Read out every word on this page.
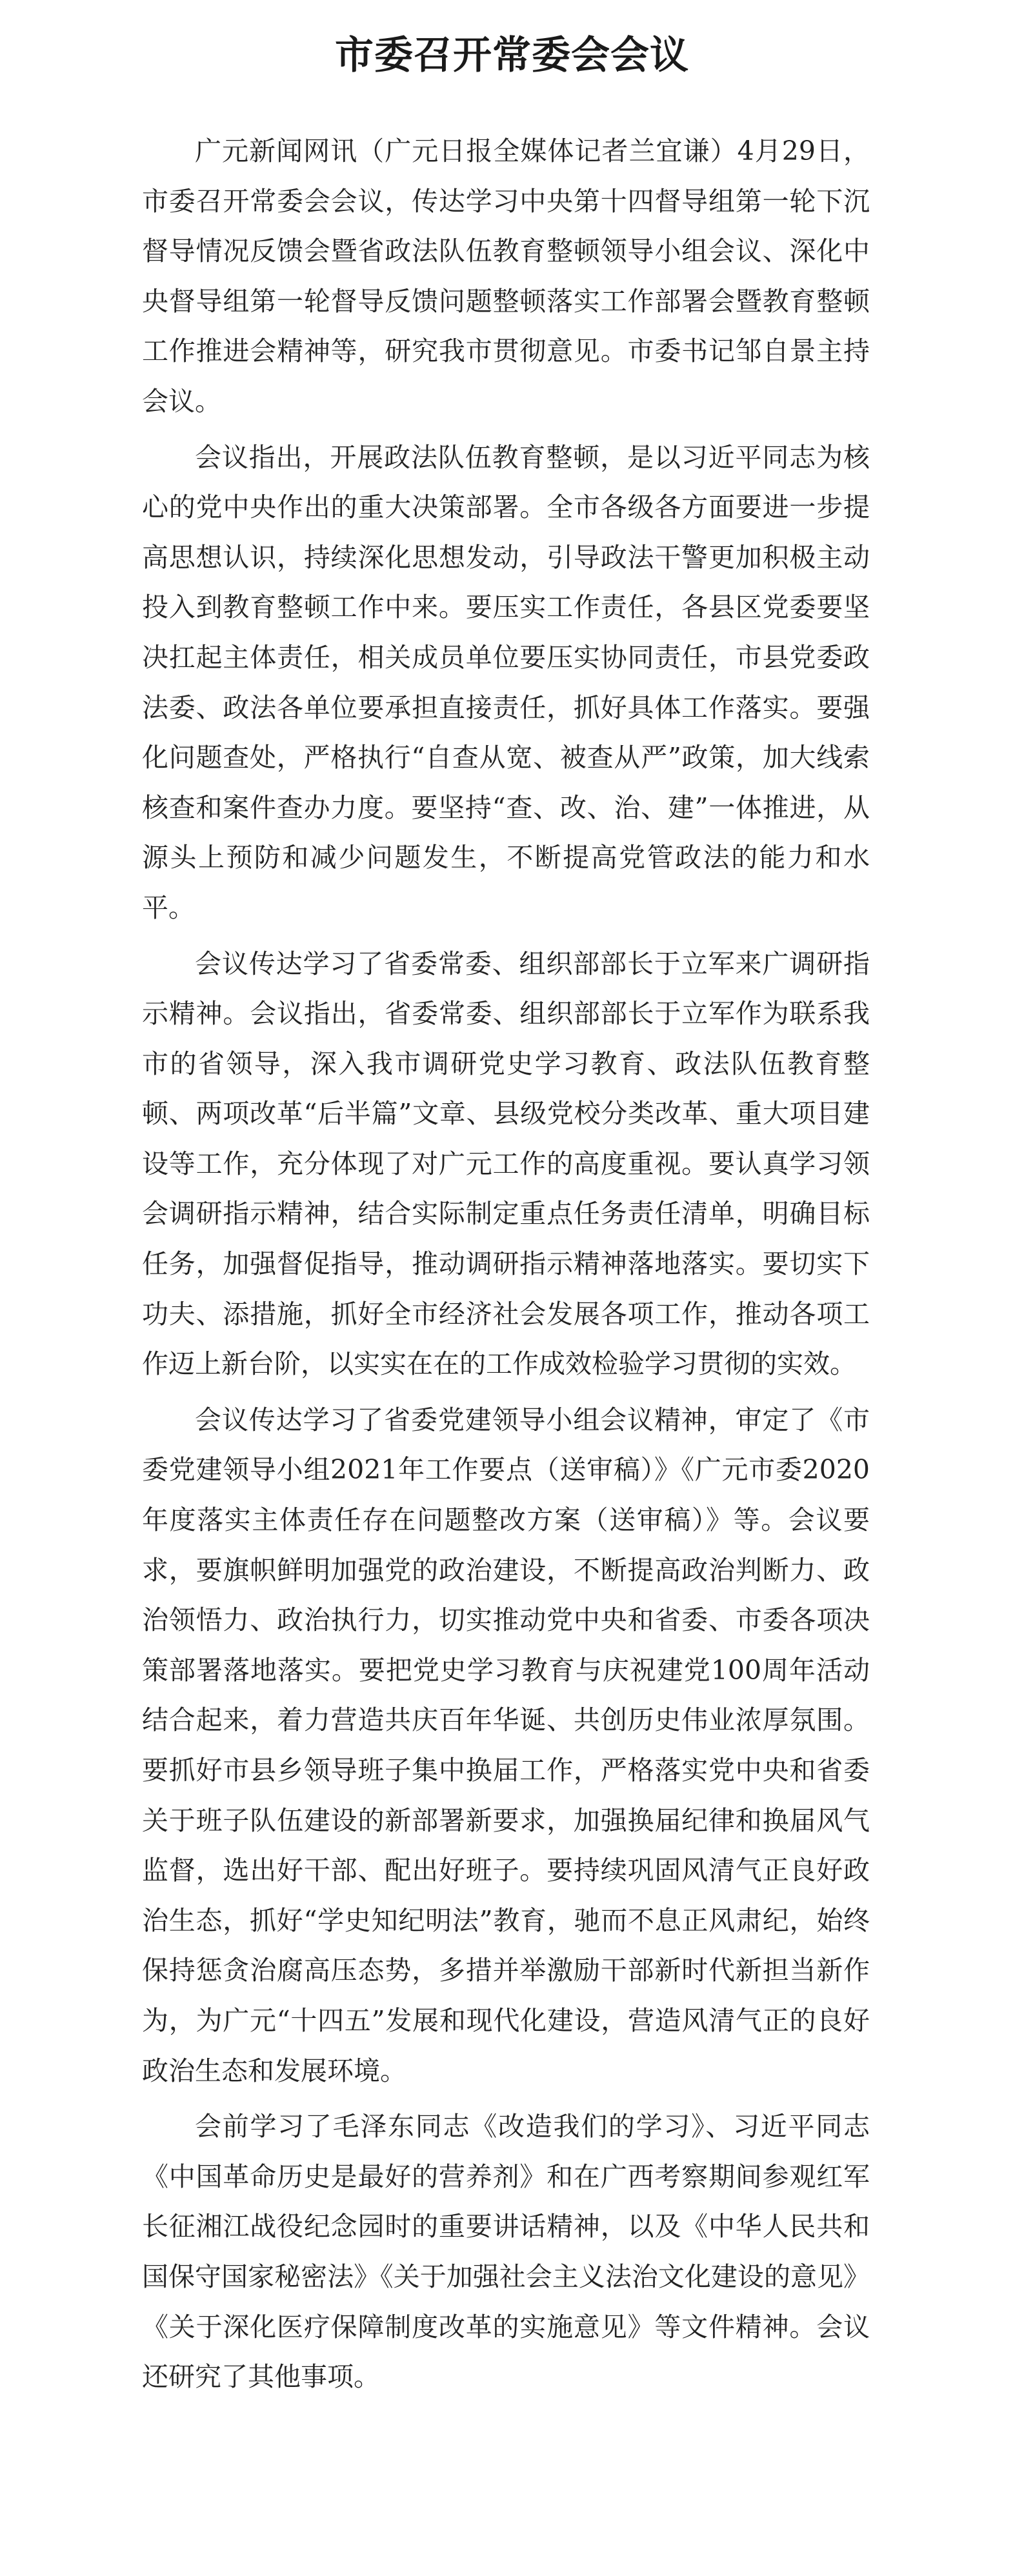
市委召开常委会会议

广元新闻网讯（广元日报全媒体记者兰宜谦）4月29日，市委召开常委会会议，传达学习中央第十四督导组第一轮下沉督导情况反馈会暨省政法队伍教育整顿领导小组会议、深化中央督导组第一轮督导反馈问题整顿落实工作部署会暨教育整顿工作推进会精神等，研究我市贯彻意见。市委书记邹自景主持会议。

会议指出，开展政法队伍教育整顿，是以习近平同志为核心的党中央作出的重大决策部署。全市各级各方面要进一步提高思想认识，持续深化思想发动，引导政法干警更加积极主动投入到教育整顿工作中来。要压实工作责任，各县区党委要坚决扛起主体责任，相关成员单位要压实协同责任，市县党委政法委、政法各单位要承担直接责任，抓好具体工作落实。要强化问题查处，严格执行“自查从宽、被查从严”政策，加大线索核查和案件查办力度。要坚持“查、改、治、建”一体推进，从源头上预防和减少问题发生，不断提高党管政法的能力和水平。

会议传达学习了省委常委、组织部部长于立军来广调研指示精神。会议指出，省委常委、组织部部长于立军作为联系我市的省领导，深入我市调研党史学习教育、政法队伍教育整顿、两项改革“后半篇”文章、县级党校分类改革、重大项目建设等工作，充分体现了对广元工作的高度重视。要认真学习领会调研指示精神，结合实际制定重点任务责任清单，明确目标任务，加强督促指导，推动调研指示精神落地落实。要切实下功夫、添措施，抓好全市经济社会发展各项工作，推动各项工作迈上新台阶，以实实在在的工作成效检验学习贯彻的实效。

会议传达学习了省委党建领导小组会议精神，审定了《市委党建领导小组2021年工作要点（送审稿）》《广元市委2020年度落实主体责任存在问题整改方案（送审稿）》等。会议要求，要旗帜鲜明加强党的政治建设，不断提高政治判断力、政治领悟力、政治执行力，切实推动党中央和省委、市委各项决策部署落地落实。要把党史学习教育与庆祝建党100周年活动结合起来，着力营造共庆百年华诞、共创历史伟业浓厚氛围。要抓好市县乡领导班子集中换届工作，严格落实党中央和省委关于班子队伍建设的新部署新要求，加强换届纪律和换届风气监督，选出好干部、配出好班子。要持续巩固风清气正良好政治生态，抓好“学史知纪明法”教育，驰而不息正风肃纪，始终保持惩贪治腐高压态势，多措并举激励干部新时代新担当新作为，为广元“十四五”发展和现代化建设，营造风清气正的良好政治生态和发展环境。

会前学习了毛泽东同志《改造我们的学习》、习近平同志《中国革命历史是最好的营养剂》和在广西考察期间参观红军长征湘江战役纪念园时的重要讲话精神，以及《中华人民共和国保守国家秘密法》《关于加强社会主义法治文化建设的意见》《关于深化医疗保障制度改革的实施意见》等文件精神。会议还研究了其他事项。
